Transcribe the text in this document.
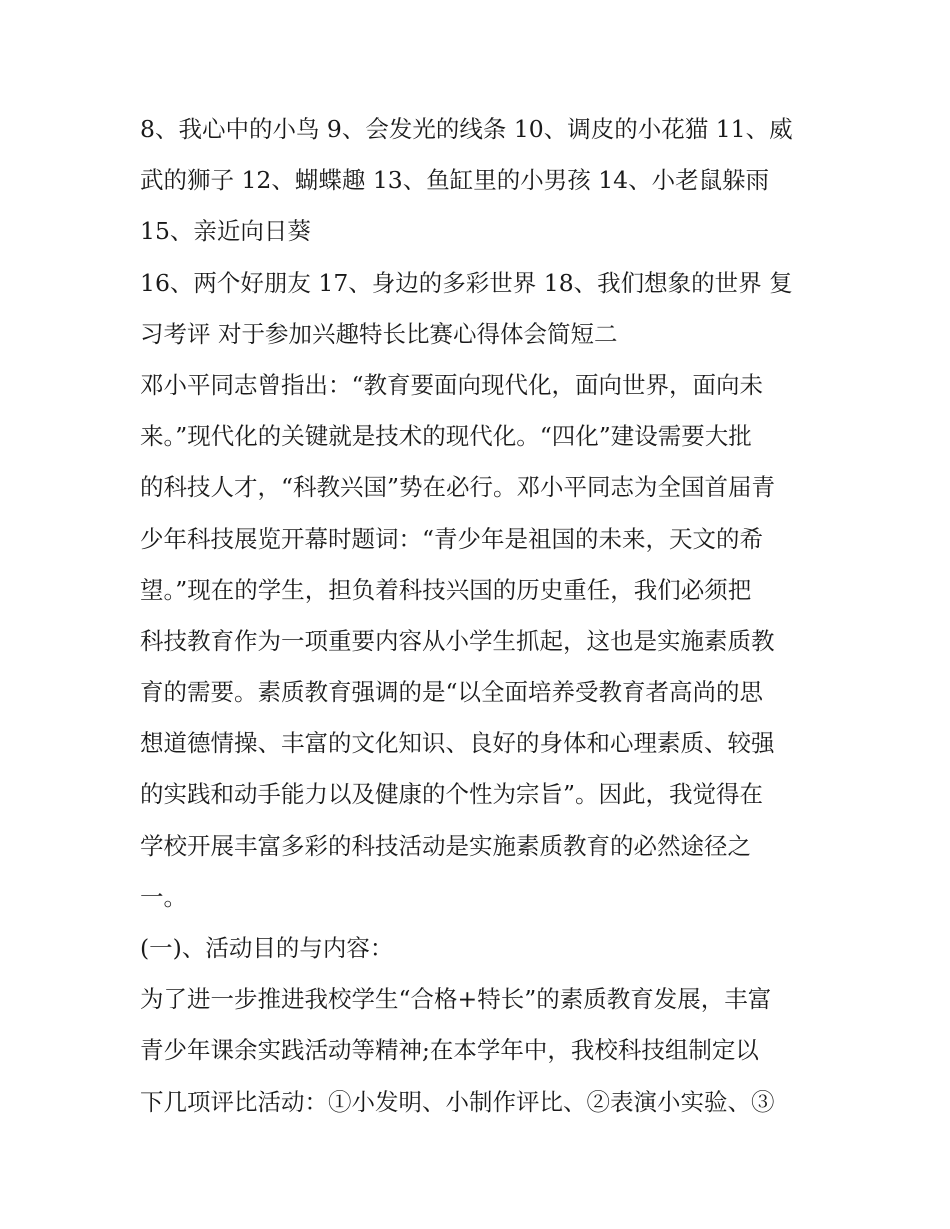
8、我心中的小鸟 9、会发光的线条 10、调皮的小花猫 11、威
武的狮子 12、蝴蝶趣 13、鱼缸里的小男孩 14、小老鼠躲雨
15、亲近向日葵
16、两个好朋友 17、身边的多彩世界 18、我们想象的世界 复
习考评 对于参加兴趣特长比赛心得体会简短二
邓小平同志曾指出：“教育要面向现代化，面向世界，面向未
来。”现代化的关键就是技术的现代化。“四化”建设需要大批
的科技人才，“科教兴国”势在必行。邓小平同志为全国首届青
少年科技展览开幕时题词：“青少年是祖国的未来，天文的希
望。”现在的学生，担负着科技兴国的历史重任，我们必须把
科技教育作为一项重要内容从小学生抓起，这也是实施素质教
育的需要。素质教育强调的是“以全面培养受教育者高尚的思
想道德情操、丰富的文化知识、良好的身体和心理素质、较强
的实践和动手能力以及健康的个性为宗旨”。因此，我觉得在
学校开展丰富多彩的科技活动是实施素质教育的必然途径之
一。
(一)、活动目的与内容：
为了进一步推进我校学生“合格+特长”的素质教育发展，丰富
青少年课余实践活动等精神;在本学年中，我校科技组制定以
下几项评比活动：①小发明、小制作评比、②表演小实验、③
